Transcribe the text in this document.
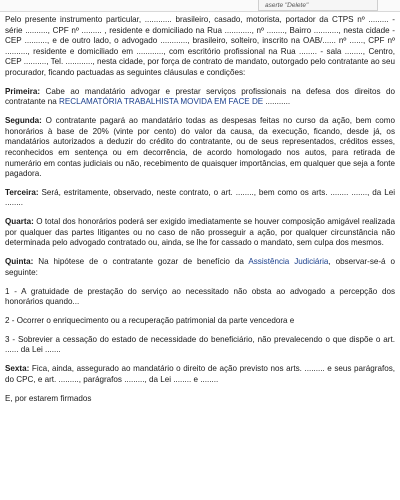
aserte "Delete"

Pelo presente instrumento particular, ............ brasileiro, casado, motorista, portador da CTPS nº ......... - série .........., CPF nº ......... , residente e domiciliado na Rua ............, nº ........, Bairro ..........., nesta cidade - CEP .........., e de outro lado, o advogado ............, brasileiro, solteiro, inscrito na OAB/...... nº ......, CPF nº .........., residente e domiciliado em ............, com escritório profissional na Rua ........ - sala ........, Centro, CEP .........., Tel. ............, nesta cidade, por força de contrato de mandato, outorgado pelo contratante ao seu procurador, ficando pactuadas as seguintes cláusulas e condições:

Primeira: Cabe ao mandatário advogar e prestar serviços profissionais na defesa dos direitos do contratante na RECLAMATÓRIA TRABALHISTA MOVIDA EM FACE DE ...........

Segunda: O contratante pagará ao mandatário todas as despesas feitas no curso da ação, bem como honorários à base de 20% (vinte por cento) do valor da causa, da execução, ficando, desde já, os mandatários autorizados a deduzir do crédito do contratante, ou de seus representados, créditos esses, reconhecidos em sentença ou em decorrência, de acordo homologado nos autos, para retirada de numerário em contas judiciais ou não, recebimento de quaisquer importâncias, em qualquer que seja a fonte pagadora.

Terceira: Será, estritamente, observado, neste contrato, o art. ........, bem como os arts. ........ ......., da Lei ........

Quarta: O total dos honorários poderá ser exigido imediatamente se houver composição amigável realizada por qualquer das partes litigantes ou no caso de não prosseguir a ação, por qualquer circunstância não determinada pelo advogado contratado ou, ainda, se lhe for cassado o mandato, sem culpa dos mesmos.

Quinta: Na hipótese de o contratante gozar de benefício da Assistência Judiciária, observar-se-á o seguinte:

1 - A gratuidade de prestação do serviço ao necessitado não obsta ao advogado a percepção dos honorários quando...

2 - Ocorrer o enriquecimento ou a recuperação patrimonial da parte vencedora e

3 - Sobrevier a cessação do estado de necessidade do beneficiário, não prevalecendo o que dispõe o art. ...... da Lei .......

Sexta: Fica, ainda, assegurado ao mandatário o direito de ação previsto nos arts. ......... e seus parágrafos, do CPC, e art. ........., parágrafos ........., da Lei ........ e ........

E, por estarem firmados
